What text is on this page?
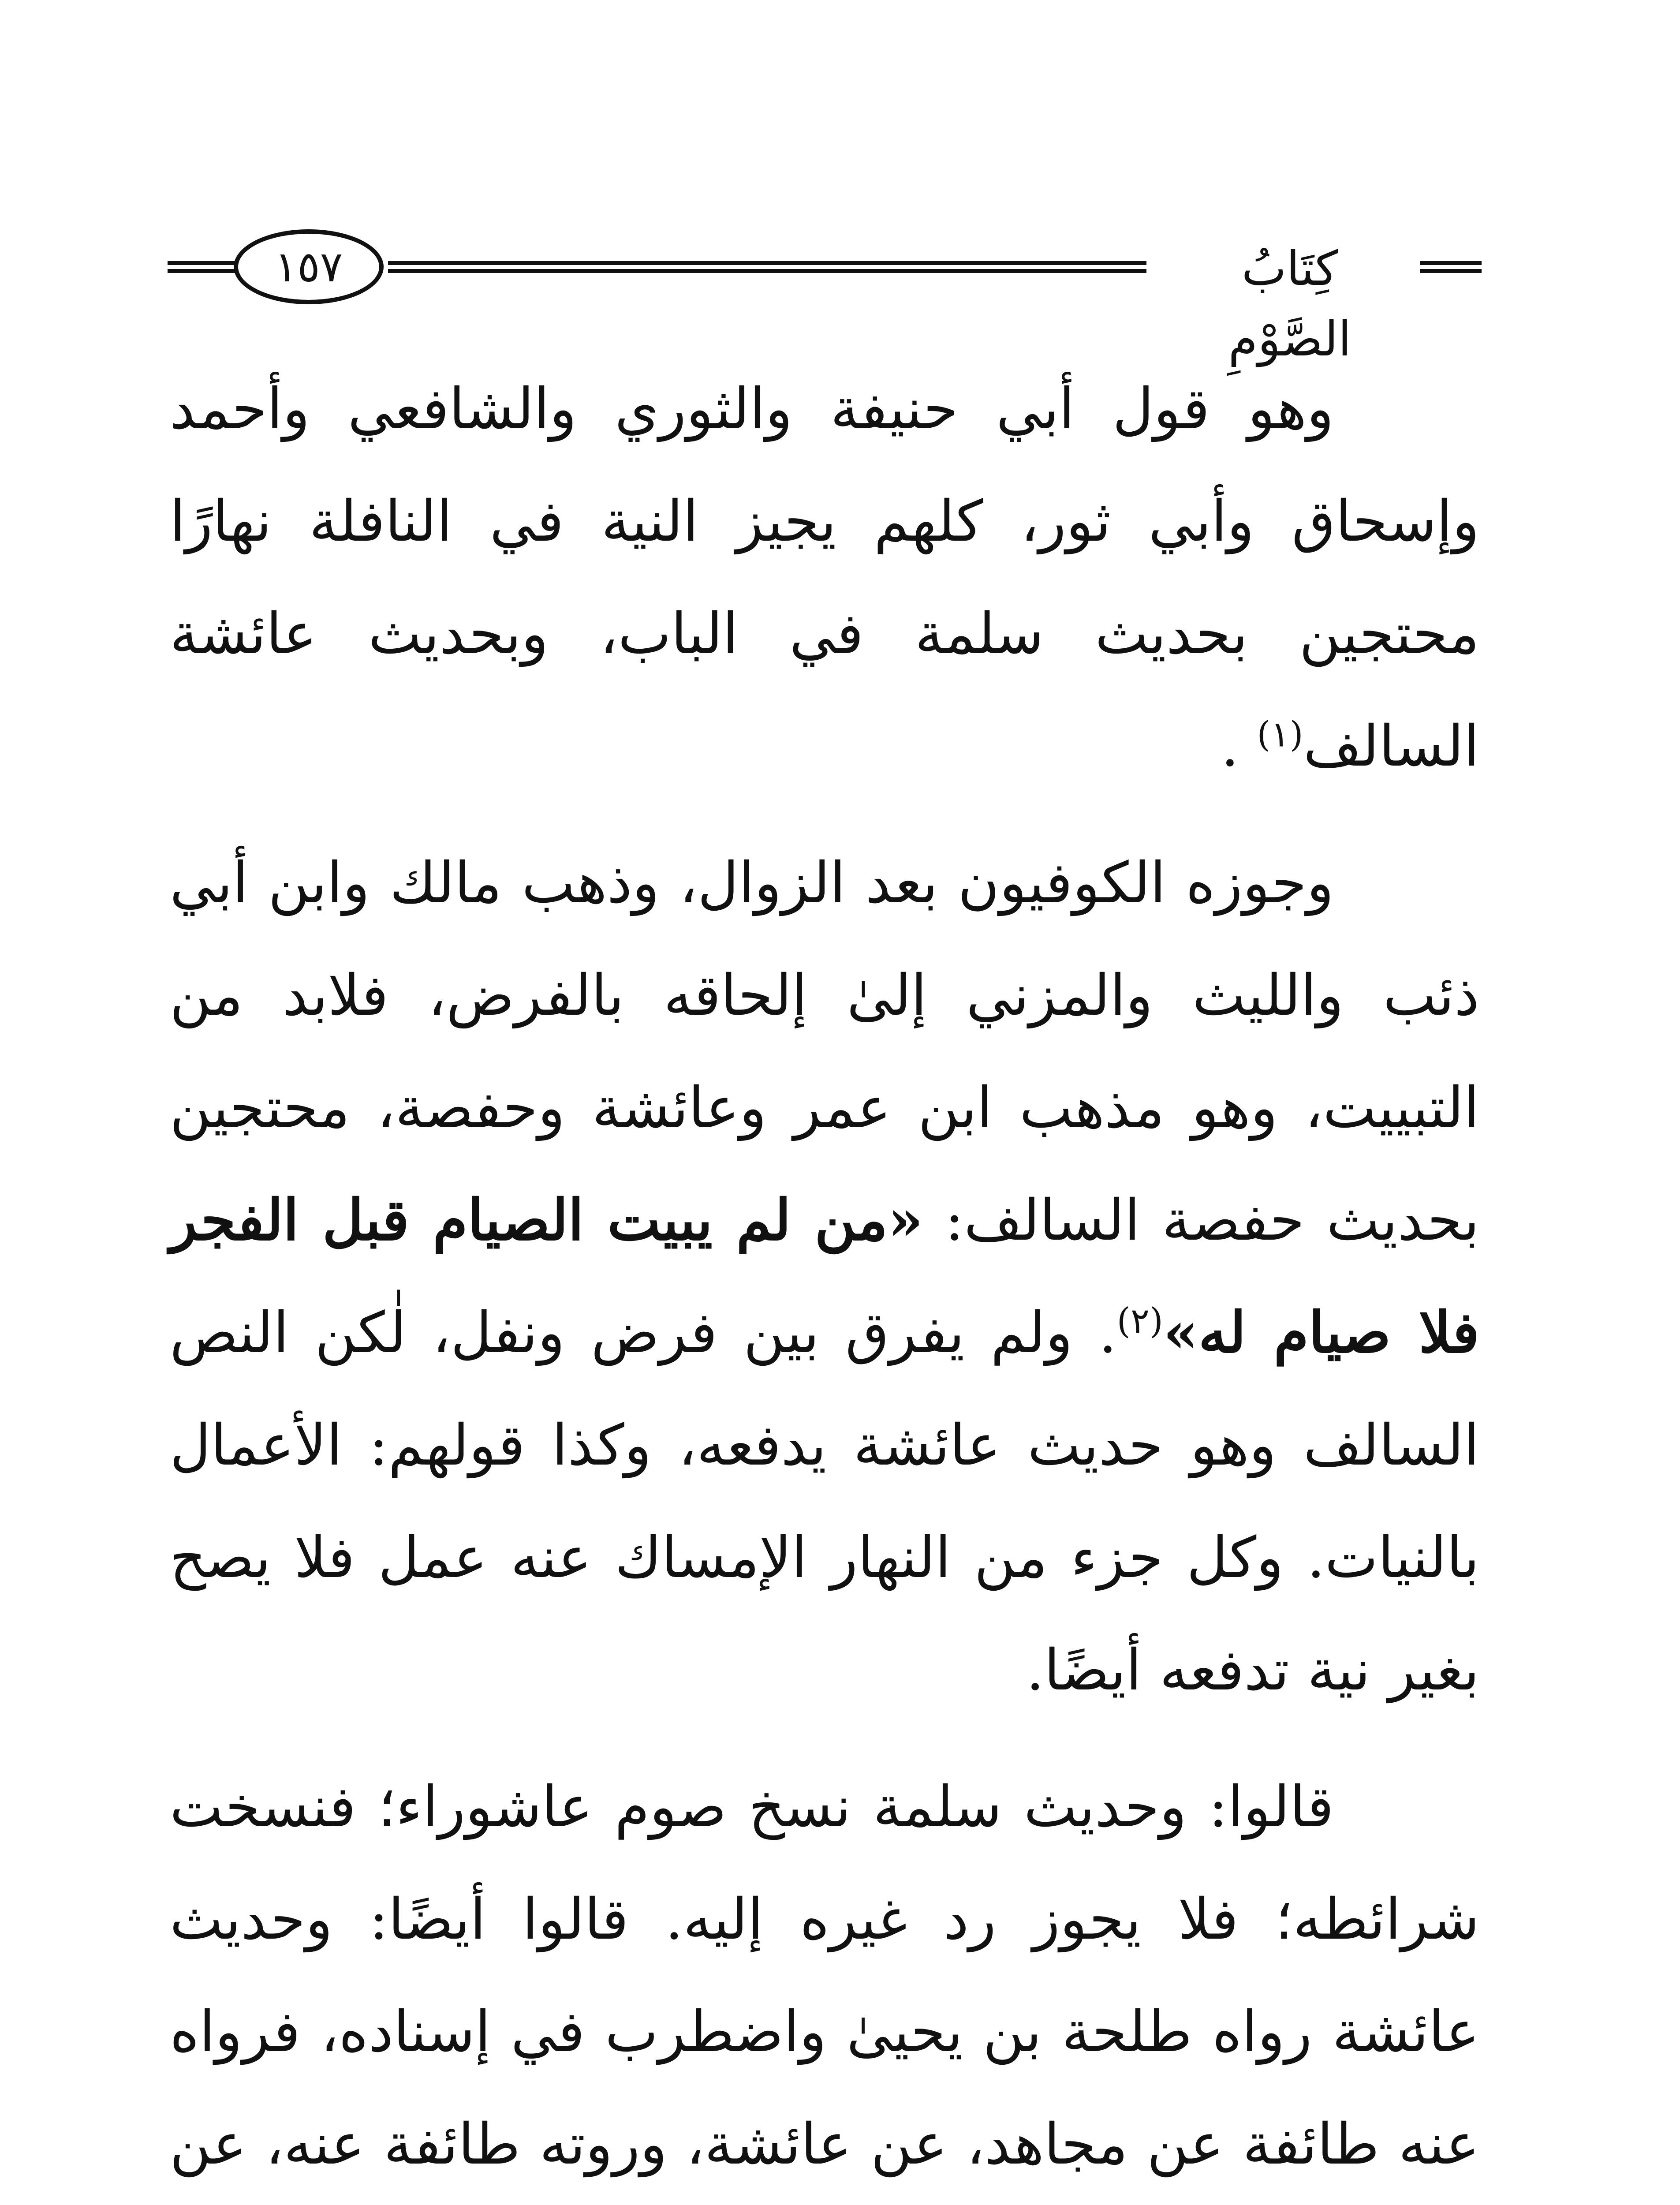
١٥٧	كِتَابُ الصَّوْمِ

وهو قول أبي حنيفة والثوري والشافعي وأحمد وإسحاق وأبي ثور، كلهم يجيز النية في النافلة نهارًا محتجين بحديث سلمة في الباب، وبحديث عائشة السالف$^{(١)}$ .

وجوزه الكوفيون بعد الزوال، وذهب مالك وابن أبي ذئب والليث والمزني إلىٰ إلحاقه بالفرض، فلابد من التبييت، وهو مذهب ابن عمر وعائشة وحفصة، محتجين بحديث حفصة السالف: «من لم يبيت الصيام قبل الفجر فلا صيام له»$^{(٢)}$. ولم يفرق بين فرض ونفل، لٰكن النص السالف وهو حديث عائشة يدفعه، وكذا قولهم: الأعمال بالنيات. وكل جزء من النهار الإمساك عنه عمل فلا يصح بغير نية تدفعه أيضًا.

قالوا: وحديث سلمة نسخ صوم عاشوراء؛ فنسخت شرائطه؛ فلا يجوز رد غيره إليه. قالوا أيضًا: وحديث عائشة رواه طلحة بن يحيىٰ واضطرب في إسناده، فرواه عنه طائفة عن مجاهد، عن عائشة، وروته طائفة عنه، عن
